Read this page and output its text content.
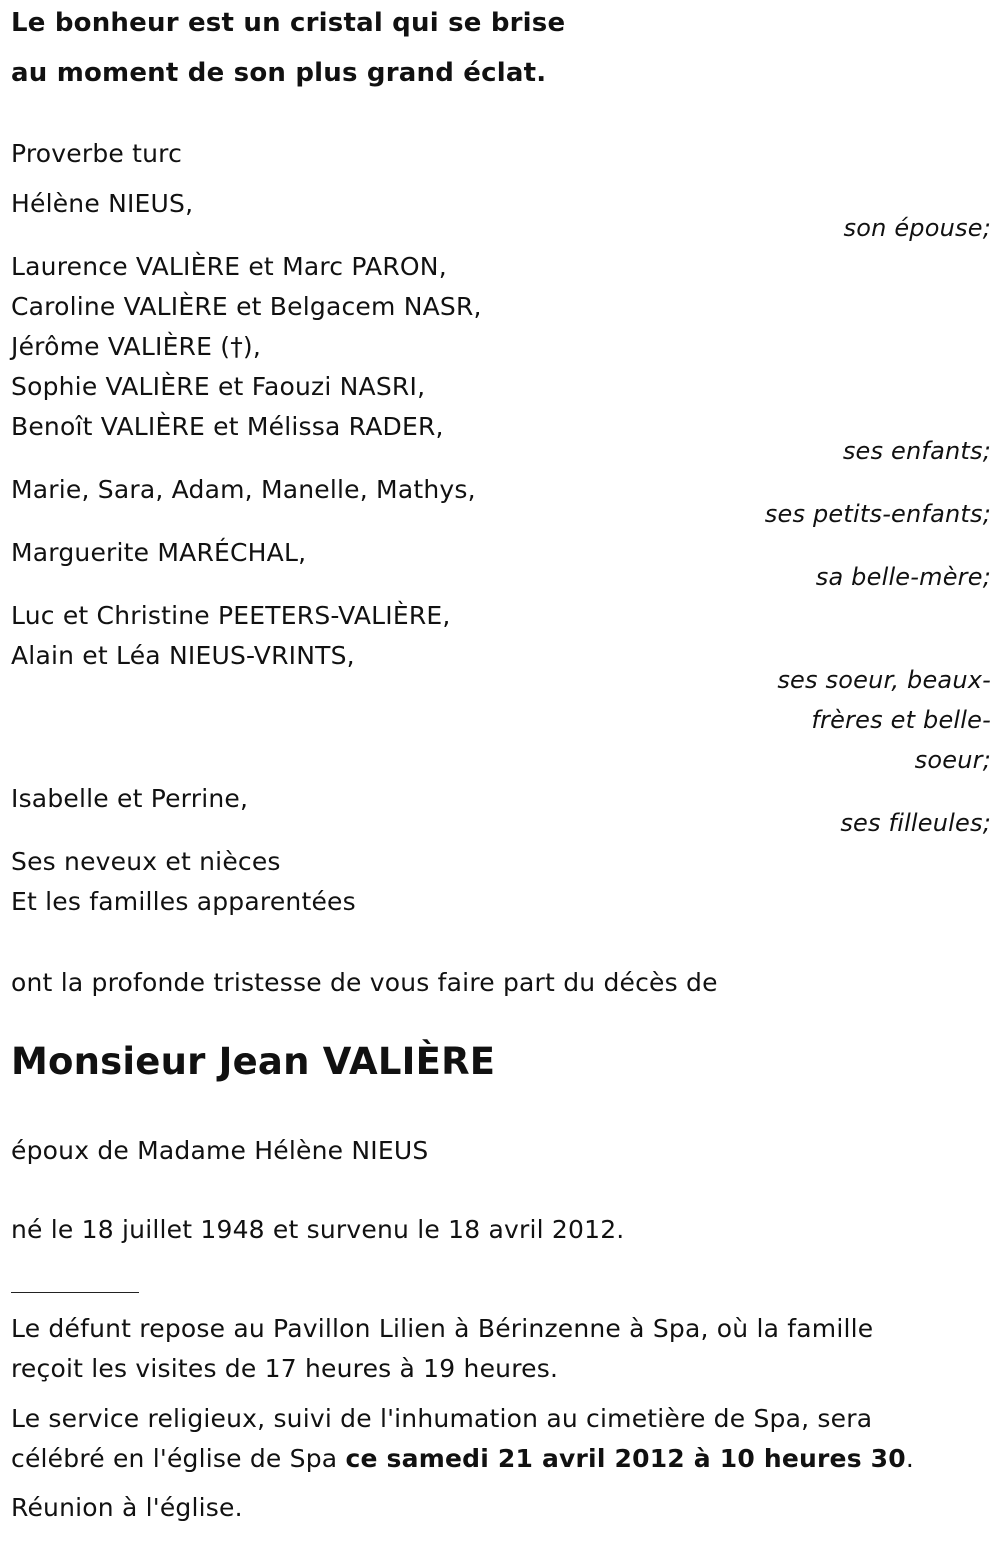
Le bonheur est un cristal qui se brise
au moment de son plus grand éclat.
Proverbe turc
Hélène NIEUS,
son épouse;
Laurence VALIÈRE et Marc PARON,
Caroline VALIÈRE et Belgacem NASR,
Jérôme VALIÈRE (†),
Sophie VALIÈRE et Faouzi NASRI,
Benoît VALIÈRE et Mélissa RADER,
ses enfants;
Marie, Sara, Adam, Manelle, Mathys,
ses petits-enfants;
Marguerite MARÉCHAL,
sa belle-mère;
Luc et Christine PEETERS-VALIÈRE,
Alain et Léa NIEUS-VRINTS,
ses soeur, beaux-
frères et belle-
soeur;
Isabelle et Perrine,
ses filleules;
Ses neveux et nièces
Et les familles apparentées
ont la profonde tristesse de vous faire part du décès de
Monsieur Jean VALIÈRE
époux de Madame Hélène NIEUS
né le 18 juillet 1948 et survenu le 18 avril 2012.
Le défunt repose au Pavillon Lilien à Bérinzenne à Spa, où la famille
reçoit les visites de 17 heures à 19 heures.
Le service religieux, suivi de l'inhumation au cimetière de Spa, sera
célébré en l'église de Spa ce samedi 21 avril 2012 à 10 heures 30.
Réunion à l'église.
